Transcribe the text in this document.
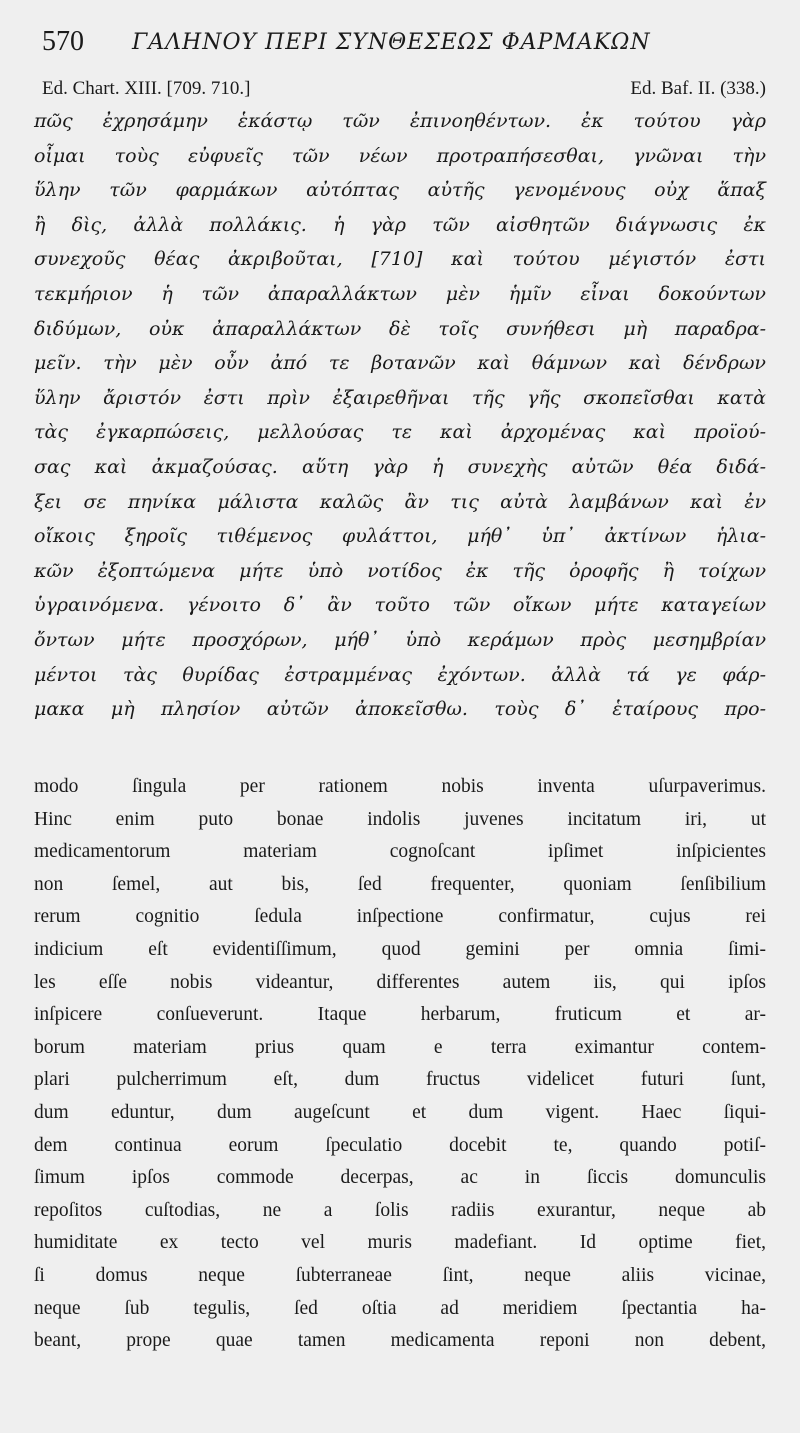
570 ΓΑΛΗΝΟΥ ΠΕΡΙ ΣΥΝΘΕΣΕΩΣ ΦΑΡΜΑΚΩΝ
Ed. Chart. XIII. [709. 710.]	Ed. Baf. II. (338.)
πῶς ἐχρησάμην ἑκάστῳ τῶν ἐπινοηθέντων. ἐκ τούτου γὰρ
οἶμαι τοὺς εὐφυεῖς τῶν νέων προτραπήσεσθαι, γνῶναι τὴν
ὕλην τῶν φαρμάκων αὐτόπτας αὐτῆς γενομένους οὐχ ἅπαξ
ἢ δὶς, ἀλλὰ πολλάκις. ἡ γὰρ τῶν αἰσθητῶν διάγνωσις ἐκ
συνεχοῦς θέας ἀκριβοῦται, [710] καὶ τούτου μέγιστόν ἐστι
τεκμήριον ἡ τῶν ἀπαραλλάκτων μὲν ἡμῖν εἶναι δοκούντων
διδύμων, οὐκ ἀπαραλλάκτων δὲ τοῖς συνήθεσι μὴ παραδρα-
μεῖν. τὴν μὲν οὖν ἀπό τε βοτανῶν καὶ θάμνων καὶ δένδρων
ὕλην ἄριστόν ἐστι πρὶν ἐξαιρεθῆναι τῆς γῆς σκοπεῖσθαι κατὰ
τὰς ἐγκαρπώσεις, μελλούσας τε καὶ ἀρχομένας καὶ προϊού-
σας καὶ ἀκμαζούσας. αὕτη γὰρ ἡ συνεχὴς αὐτῶν θέα διδά-
ξει σε πηνίκα μάλιστα καλῶς ἂν τις αὐτὰ λαμβάνων καὶ ἐν
οἴκοις ξηροῖς τιθέμενος φυλάττοι, μήθ᾽ ὑπ᾽ ἀκτίνων ἡλια-
κῶν ἐξοπτώμενα μήτε ὑπὸ νοτίδος ἐκ τῆς ὀροφῆς ἢ τοίχων
ὑγραινόμενα. γένοιτο δ᾽ ἂν τοῦτο τῶν οἴκων μήτε καταγείων
ὄντων μήτε προσχόρων, μήθ᾽ ὑπὸ κεράμων πρὸς μεσημβρίαν
μέντοι τὰς θυρίδας ἐστραμμένας ἐχόντων. ἀλλὰ τά γε φάρ-
μακα μὴ πλησίον αὐτῶν ἀποκεῖσθω. τοὺς δ᾽ ἑταίρους προ-
modo ſingula per rationem nobis inventa uſurpaverimus.
Hinc enim puto bonae indolis juvenes incitatum iri, ut
medicamentorum materiam cognoſcant ipſimet inſpicientes
non ſemel, aut bis, ſed frequenter, quoniam ſenſibilium
rerum cognitio ſedula inſpectione confirmatur, cujus rei
indicium eſt evidentiſſimum, quod gemini per omnia ſimi-
les eſſe nobis videantur, differentes autem iis, qui ipſos
inſpicere conſueverunt. Itaque herbarum, fruticum et ar-
borum materiam prius quam e terra eximantur contem-
plari pulcherrimum eſt, dum fructus videlicet futuri ſunt,
dum eduntur, dum augeſcunt et dum vigent. Haec ſiqui-
dem continua eorum ſpeculatio docebit te, quando potiſ-
ſimum ipſos commode decerpas, ac in ſiccis domunculis
repoſitos cuſtodias, ne a ſolis radiis exurantur, neque ab
humiditate ex tecto vel muris madefiant. Id optime fiet,
ſi domus neque ſubterraneae ſint, neque aliis vicinae,
neque ſub tegulis, ſed oſtia ad meridiem ſpectantia ha-
beant, prope quae tamen medicamenta reponi non debent,
